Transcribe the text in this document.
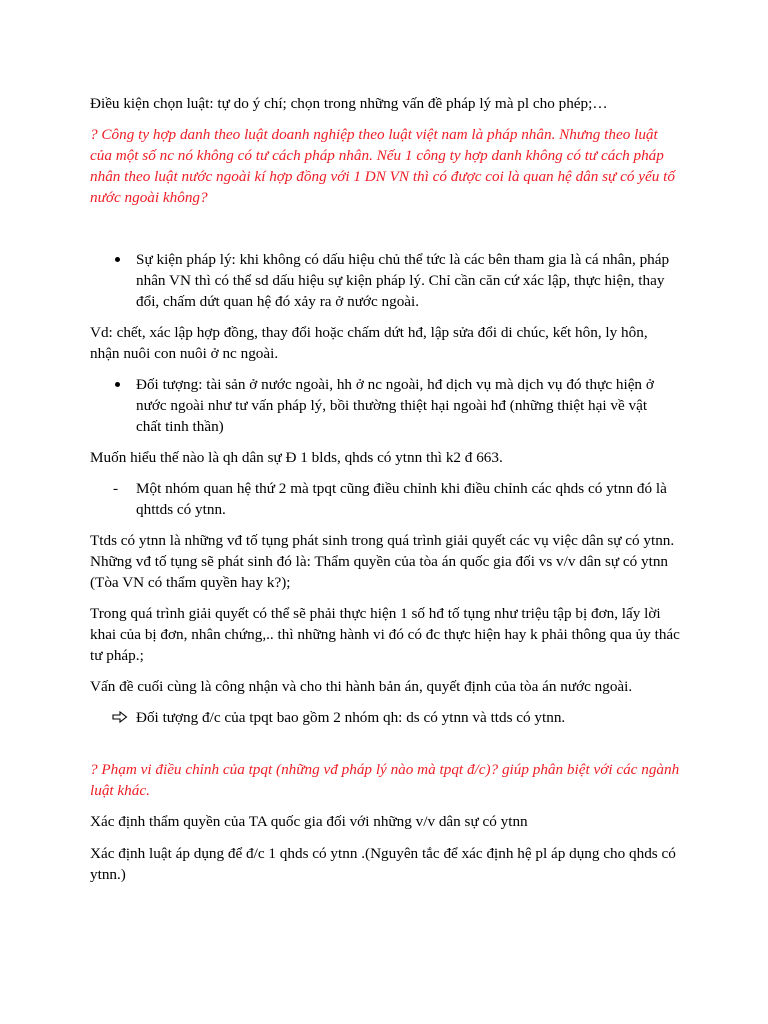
Điều kiện chọn luật: tự do ý chí; chọn trong những vấn đề pháp lý mà pl cho phép;…

? Công ty hợp danh theo luật doanh nghiệp theo luật việt nam là pháp nhân. Nhưng theo luật của một số nc nó không có tư cách pháp nhân. Nếu 1 công ty hợp danh không có tư cách pháp nhân theo luật nước ngoài kí hợp đồng với 1 DN VN thì có được coi là quan hệ dân sự có yếu tố nước ngoài không?

Sự kiện pháp lý: khi không có dấu hiệu chủ thể tức là các bên tham gia là cá nhân, pháp nhân VN thì có thể sd dấu hiệu sự kiện pháp lý. Chỉ cần căn cứ xác lập, thực hiện, thay đổi, chấm dứt quan hệ đó xảy ra ở nước ngoài.

Vd: chết, xác lập hợp đồng, thay đổi hoặc chấm dứt hđ, lập sửa đổi di chúc, kết hôn, ly hôn, nhận nuôi con nuôi ở nc ngoài.

Đối tượng: tài sản ở nước ngoài, hh ở nc ngoài, hđ dịch vụ mà dịch vụ đó thực hiện ở nước ngoài như tư vấn pháp lý, bồi thường thiệt hại ngoài hđ (những thiệt hại về vật chất tinh thần)

Muốn hiểu thế nào là qh dân sự Đ 1 blds, qhds có ytnn thì k2 đ 663.

- Một nhóm quan hệ thứ 2 mà tpqt cũng điều chỉnh khi điều chỉnh các qhds có ytnn đó là qhttds có ytnn.

Ttds có ytnn là những vđ tố tụng phát sinh trong quá trình giải quyết các vụ việc dân sự có ytnn. Những vđ tố tụng sẽ phát sinh đó là: Thẩm quyền của tòa án quốc gia đối vs v/v dân sự có ytnn (Tòa VN có thẩm quyền hay k?);

Trong quá trình giải quyết có thể sẽ phải thực hiện 1 số hđ tố tụng như triệu tập bị đơn, lấy lời khai của bị đơn, nhân chứng,.. thì những hành vi đó có đc thực hiện hay k phải thông qua ủy thác tư pháp.;

Vấn đề cuối cùng là công nhận và cho thi hành bản án, quyết định của tòa án nước ngoài.

Đối tượng đ/c của tpqt bao gồm 2 nhóm qh: ds có ytnn và ttds có ytnn.

? Phạm vi điều chỉnh của tpqt (những vđ pháp lý nào mà tpqt đ/c)? giúp phân biệt với các ngành luật khác.

Xác định thẩm quyền của TA quốc gia đối với những v/v dân sự có ytnn

Xác định luật áp dụng để đ/c 1 qhds có ytnn .(Nguyên tắc để xác định hệ pl áp dụng cho qhds có ytnn.)
